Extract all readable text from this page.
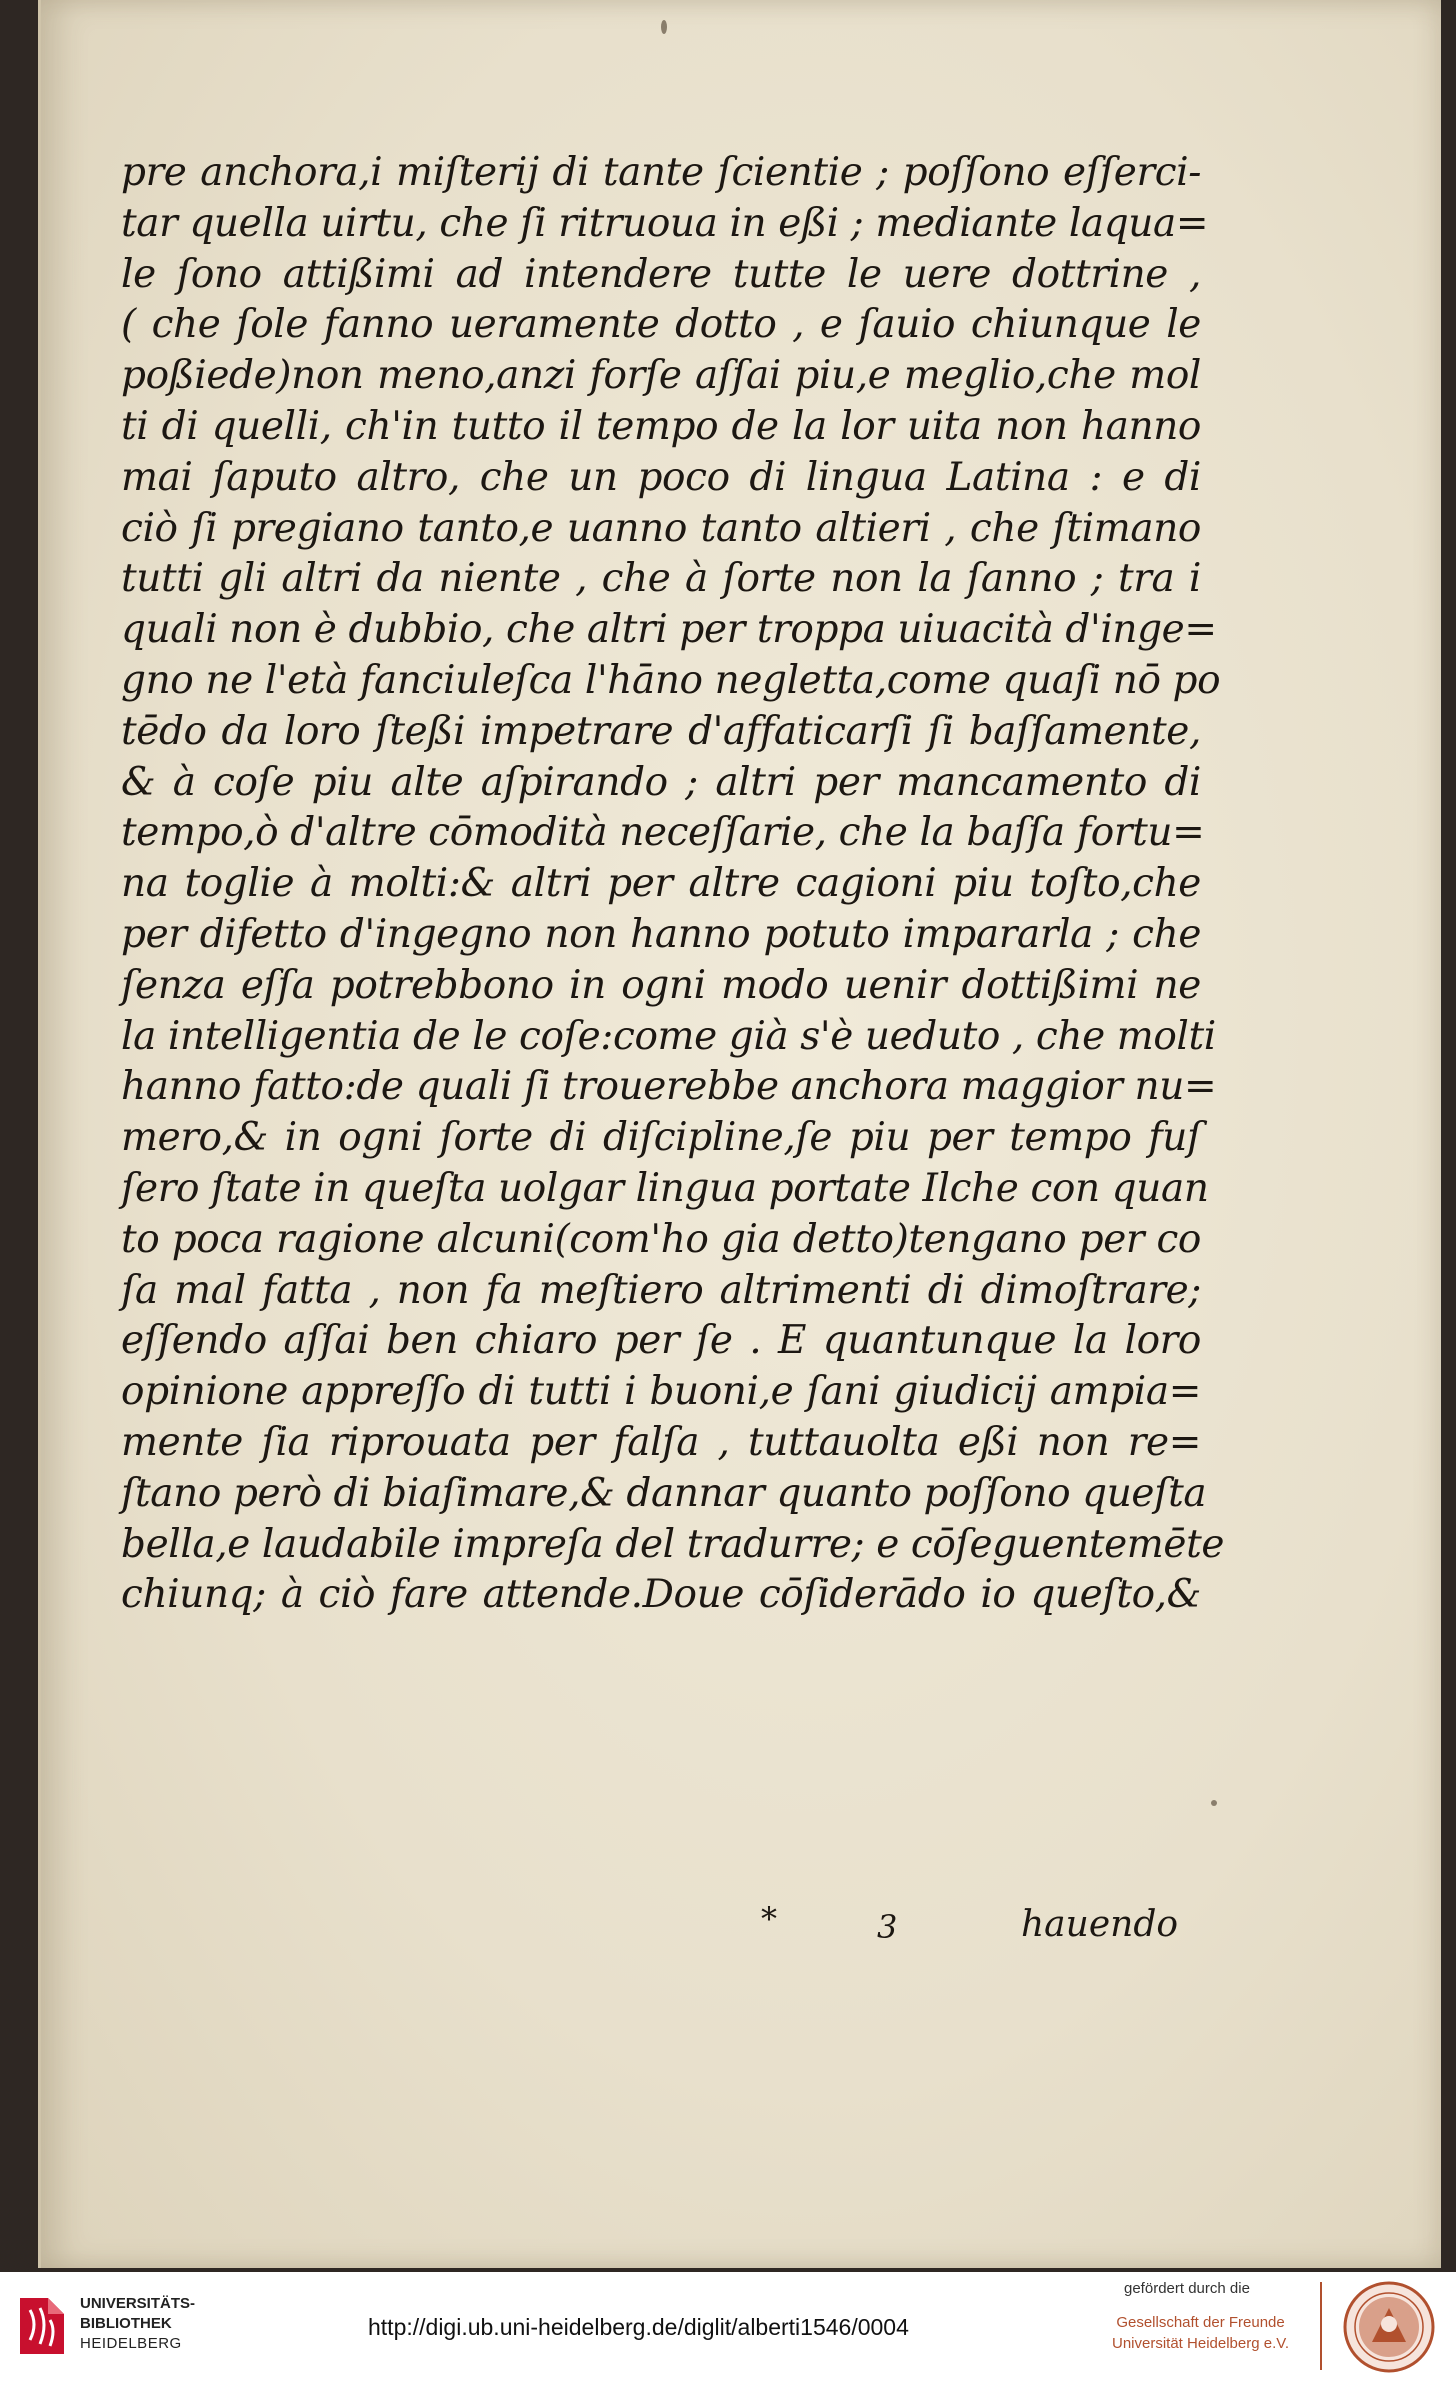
pre anchora,i miſterij di tante ſcientie ; poſſono eſſerci-
tar quella uirtu, che ſi ritruoua in eßi ; mediante laqua=
le ſono attißimi ad intendere tutte le uere dottrine ,
( che ſole fanno ueramente dotto , e ſauio chiunque le
poßiede)non meno,anzi forſe aſſai piu,e meglio,che mol
ti di quelli, ch'in tutto il tempo de la lor uita non hanno
mai ſaputo altro, che un poco di lingua Latina : e di
ciò ſi pregiano tanto,e uanno tanto altieri , che ſtimano
tutti gli altri da niente , che à ſorte non la ſanno ; tra i
quali non è dubbio, che altri per troppa uiuacità d'inge=
gno ne l'età fanciuleſca l'hāno negletta,come quaſi nō po
tēdo da loro ſteßi impetrare d'affaticarſi ſi baſſamente,
& à coſe piu alte aſpirando ; altri per mancamento di
tempo,ò d'altre cōmodità neceſſarie, che la baſſa fortu=
na toglie à molti:& altri per altre cagioni piu toſto,che
per difetto d'ingegno non hanno potuto impararla ; che
ſenza eſſa potrebbono in ogni modo uenir dottißimi ne
la intelligentia de le coſe:come già s'è ueduto , che molti
hanno fatto:de quali ſi trouerebbe anchora maggior nu=
mero,& in ogni ſorte di diſcipline,ſe piu per tempo fuſ
ſero ſtate in queſta uolgar lingua portate Ilche con quan
to poca ragione alcuni(com'ho gia detto)tengano per co
ſa mal fatta , non fa meſtiero altrimenti di dimoſtrare;
eſſendo aſſai ben chiaro per ſe . E quantunque la loro
opinione appreſſo di tutti i buoni,e ſani giudicij ampia=
mente ſia riprouata per falſa , tuttauolta eßi non re=
ſtano però di biaſimare,& dannar quanto poſſono queſta
bella,e laudabile impreſa del tradurre; e cōſeguentemēte
chiunq; à ciò fare attende.Doue cōſiderādo io queſto,&
*	3	hauendo
UNIVERSITÄTS-
BIBLIOTHEK
HEIDELBERG
http://digi.ub.uni-heidelberg.de/diglit/alberti1546/0004
gefördert durch die
Gesellschaft der Freunde
Universität Heidelberg e.V.
